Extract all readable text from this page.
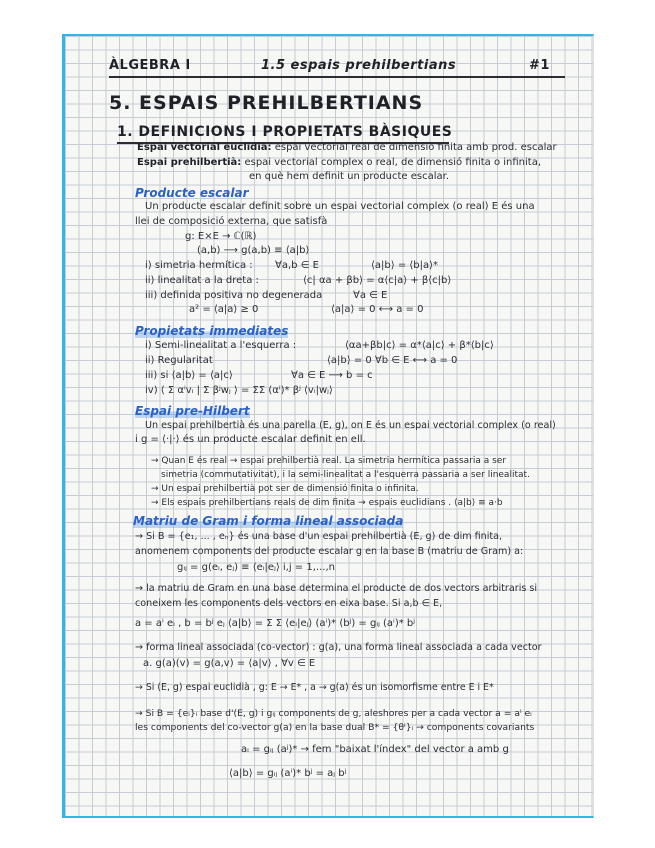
ÀLGEBRA I	1.5 espais prehilbertians	#1
5. ESPAIS PREHILBERTIANS
1. DEFINICIONS I PROPIETATS BÀSIQUES
Espai vectorial euclidià: espai vectorial real de dimensió finita amb prod. escalar
Espai prehilbertià: espai vectorial complex o real, de dimensió finita o infinita,
en què hem definit un producte escalar.
Producte escalar
Un producte escalar definit sobre un espai vectorial complex (o real) E és una
llei de composició externa, que satisfà
g: E×E → ℂ(ℝ)
(a,b) ⟶ g(a,b) ≡ ⟨a|b⟩
i) simetria hermítica : ∀a,b ∈ E	⟨a|b⟩ = ⟨b|a⟩*
ii) linealitat a la dreta :	⟨c| αa + βb⟩ = α⟨c|a⟩ + β⟨c|b⟩
iii) definida positiva no degenerada	∀a ∈ E
a² = ⟨a|a⟩ ≥ 0	⟨a|a⟩ = 0 ⟷ a = 0
Propietats immediates
i) Semi-linealitat a l'esquerra :	⟨αa+βb|c⟩ = α*⟨a|c⟩ + β*⟨b|c⟩
ii) Regularitat	⟨a|b⟩ = 0 ∀b ∈ E ⟷ a = 0
iii) si ⟨a|b⟩ = ⟨a|c⟩	∀a ∈ E ⟶ b = c
iv) ⟨ Σ αⁱvᵢ | Σ βʲwⱼ ⟩ = ΣΣ (αⁱ)* βʲ ⟨vᵢ|wⱼ⟩
Espai pre-Hilbert
Un espai prehilbertià és una parella (E, g), on E és un espai vectorial complex (o real)
i g = ⟨·|·⟩ és un producte escalar definit en ell.
→ Quan E és real → espai prehilbertià real. La simetria hermítica passaria a ser
simetria (commutativitat), i la semi-linealitat a l'esquerra passaria a ser linealitat.
→ Un espai prehilbertià pot ser de dimensió finita o infinita.
→ Els espais prehilbertians reals de dim finita → espais euclidians . ⟨a|b⟩ ≡ a·b
Matriu de Gram i forma lineal associada
→ Si B = {e₁, ... , eₙ} és una base d'un espai prehilbertià (E, g) de dim finita,
anomenem components del producte escalar g en la base B (matriu de Gram) a:
gᵢⱼ = g(eᵢ, eⱼ) ≡ ⟨eᵢ|eⱼ⟩ i,j = 1,...,n
→ la matriu de Gram en una base determina el producte de dos vectors arbitraris si
coneixem les components dels vectors en eixa base. Si a,b ∈ E,
a = aⁱ eᵢ , b = bʲ eⱼ ⟨a|b⟩ = Σ Σ ⟨eᵢ|eⱼ⟩ (aⁱ)* (bʲ) = gᵢⱼ (aⁱ)* bʲ
→ forma lineal associada (co-vector) : g(a), una forma lineal associada a cada vector
a. g(a)(v) = g(a,v) = ⟨a|v⟩ , ∀v ∈ E
→ Si (E, g) espai euclidià , g: E → E* , a → g(a) és un isomorfisme entre E i E*
→ Si B = {eᵢ}ᵢ base d'(E, g) i gᵢⱼ components de g, aleshores per a cada vector a = aⁱ eᵢ
les components del co-vector g(a) en la base dual B* = {θⁱ}ᵢ → components covariants
aᵢ = gᵢⱼ (aʲ)* → fem "baixat l'índex" del vector a amb g
⟨a|b⟩ = gᵢⱼ (aⁱ)* bʲ = aⱼ bʲ
